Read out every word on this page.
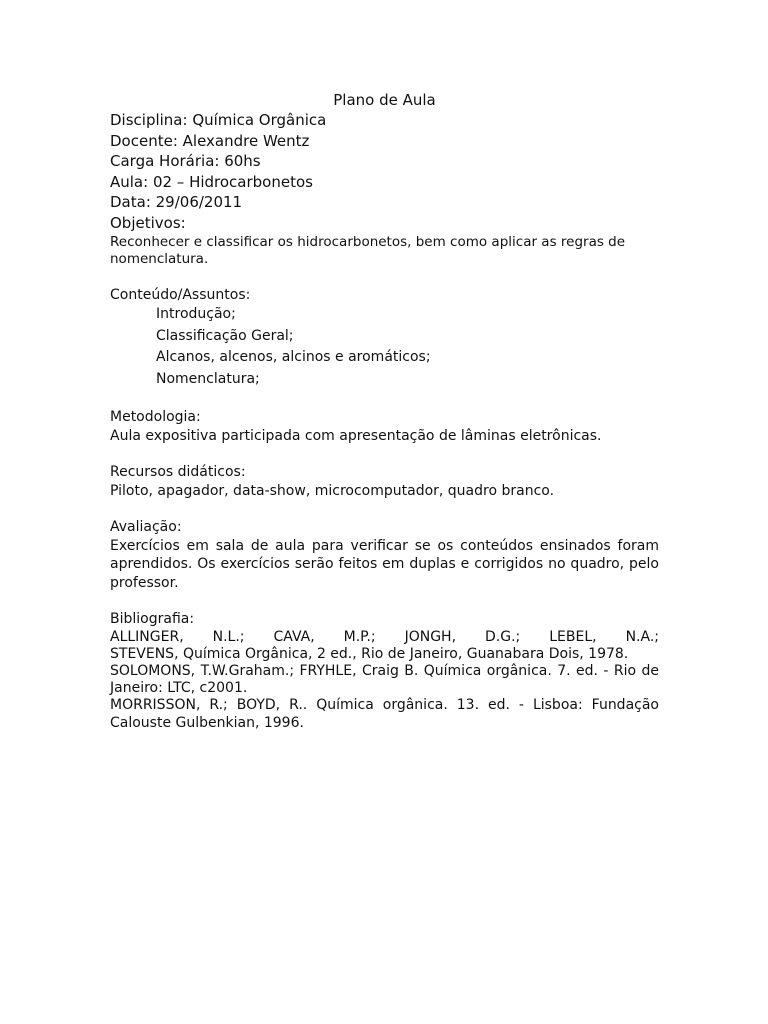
Plano de Aula

Disciplina: Química Orgânica

Docente: Alexandre Wentz

Carga Horária: 60hs

Aula: 02 – Hidrocarbonetos

Data: 29/06/2011

Objetivos:

Reconhecer e classificar os hidrocarbonetos, bem como aplicar as regras de nomenclatura.

Conteúdo/Assuntos:

Introdução;
Classificação Geral;
Alcanos, alcenos, alcinos e aromáticos;
Nomenclatura;

Metodologia:

Aula expositiva participada com apresentação de lâminas eletrônicas.

Recursos didáticos:

Piloto, apagador, data-show, microcomputador, quadro branco.

Avaliação:

Exercícios em sala de aula para verificar se os conteúdos ensinados foram aprendidos. Os exercícios serão feitos em duplas e corrigidos no quadro, pelo professor.

Bibliografia:

ALLINGER, N.L.; CAVA, M.P.; JONGH, D.G.; LEBEL, N.A.;

STEVENS, Química Orgânica, 2 ed., Rio de Janeiro, Guanabara Dois, 1978.

SOLOMONS, T.W.Graham.; FRYHLE, Craig B. Química orgânica. 7. ed. - Rio de Janeiro: LTC, c2001.

MORRISSON, R.; BOYD, R.. Química orgânica. 13. ed. - Lisboa: Fundação Calouste Gulbenkian, 1996.
